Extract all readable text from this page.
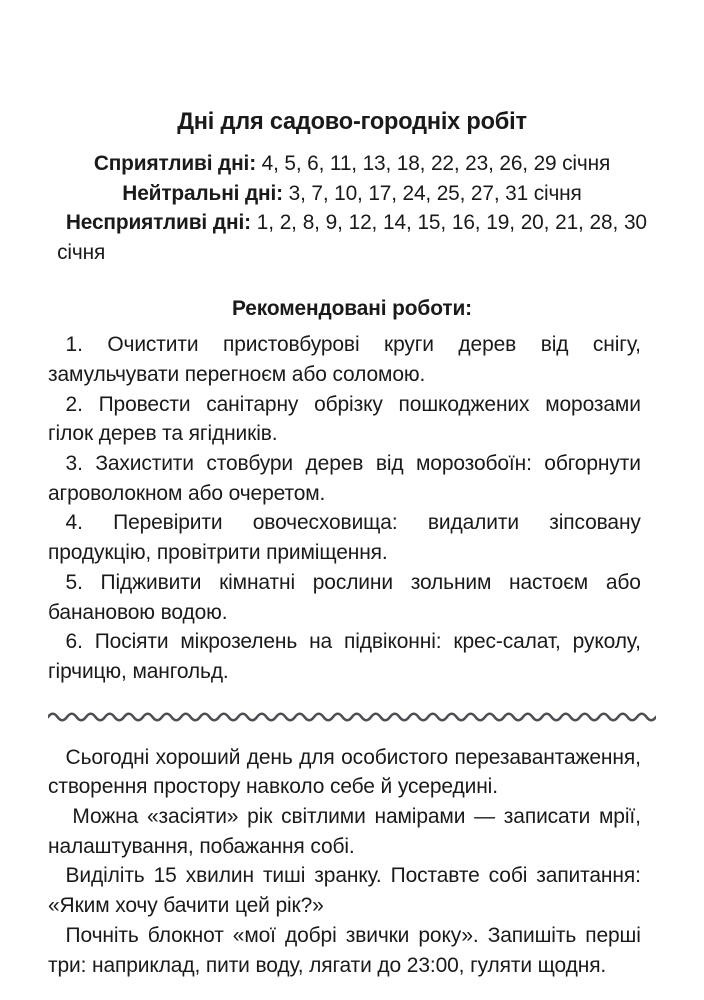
Дні для садово-городніх робіт
Сприятливі дні: 4, 5, 6, 11, 13, 18, 22, 23, 26, 29 січня
Нейтральні дні: 3, 7, 10, 17, 24, 25, 27, 31 січня
Несприятливі дні: 1, 2, 8, 9, 12, 14, 15, 16, 19, 20, 21, 28, 30 січня
Рекомендовані роботи:
1. Очистити пристовбурові круги дерев від снігу, замульчувати перегноєм або соломою.
2. Провести санітарну обрізку пошкоджених морозами гілок дерев та ягідників.
3. Захистити стовбури дерев від морозобоїн: обгорнути агроволокном або очеретом.
4. Перевірити овочесховища: видалити зіпсовану продукцію, провітрити приміщення.
5. Підживити кімнатні рослини зольним настоєм або банановою водою.
6. Посіяти мікрозелень на підвіконні: крес-салат, руколу, гірчицю, мангольд.

Сьогодні хороший день для особистого перезавантаження, створення простору навколо себе й усередині.

Можна «засіяти» рік світлими намірами — записати мрії, налаштування, побажання собі.

Виділіть 15 хвилин тиші зранку. Поставте собі запитання: «Яким хочу бачити цей рік?»

Почніть блокнот «мої добрі звички року». Запишіть перші три: наприклад, пити воду, лягати до 23:00, гуляти щодня.
